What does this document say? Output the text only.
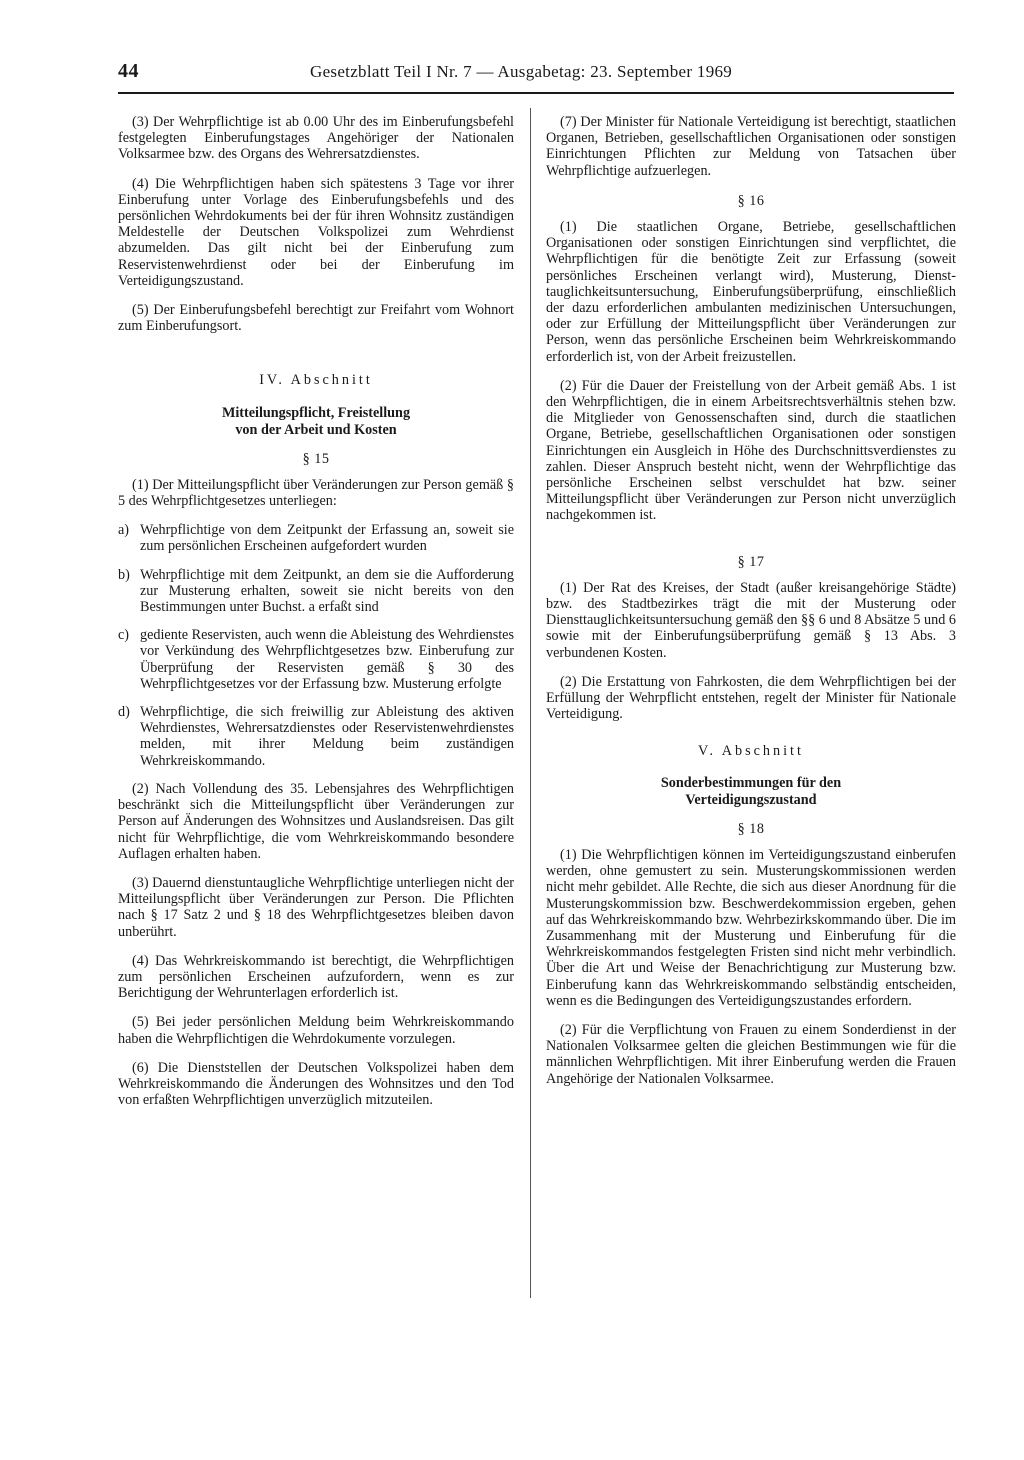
44	Gesetzblatt Teil I Nr. 7 — Ausgabetag: 23. September 1969

(3) Der Wehrpflichtige ist ab 0.00 Uhr des im Einberufungsbefehl festgelegten Einberufungstages Angehöriger der Nationalen Volksarmee bzw. des Organs des Wehrersatzdienstes.

(4) Die Wehrpflichtigen haben sich spätestens 3 Tage vor ihrer Einberufung unter Vorlage des Einberufungsbefehls und des persönlichen Wehrdokuments bei der für ihren Wohnsitz zuständigen Meldestelle der Deutschen Volkspolizei zum Wehrdienst abzumelden. Das gilt nicht bei der Einberufung zum Reservistenwehrdienst oder bei der Einberufung im Verteidigungszustand.

(5) Der Einberufungsbefehl berechtigt zur Freifahrt vom Wohnort zum Einberufungsort.

IV. Abschnitt
Mitteilungspflicht, Freistellung
von der Arbeit und Kosten
§ 15

(1) Der Mitteilungspflicht über Veränderungen zur Person gemäß § 5 des Wehrpflichtgesetzes unterliegen:

a) Wehrpflichtige von dem Zeitpunkt der Erfassung an, soweit sie zum persönlichen Erscheinen aufgefordert wurden
b) Wehrpflichtige mit dem Zeitpunkt, an dem sie die Aufforderung zur Musterung erhalten, soweit sie nicht bereits von den Bestimmungen unter Buchst. a erfaßt sind
c) gediente Reservisten, auch wenn die Ableistung des Wehrdienstes vor Verkündung des Wehrpflichtgesetzes bzw. Einberufung zur Überprüfung der Reservisten gemäß § 30 des Wehrpflichtgesetzes vor der Erfassung bzw. Musterung erfolgte
d) Wehrpflichtige, die sich freiwillig zur Ableistung des aktiven Wehrdienstes, Wehrersatzdienstes oder Reservistenwehrdienstes melden, mit ihrer Meldung beim zuständigen Wehrkreiskommando.

(2) Nach Vollendung des 35. Lebensjahres des Wehrpflichtigen beschränkt sich die Mitteilungspflicht über Veränderungen zur Person auf Änderungen des Wohnsitzes und Auslandsreisen. Das gilt nicht für Wehrpflichtige, die vom Wehrkreiskommando besondere Auflagen erhalten haben.

(3) Dauernd dienstuntaugliche Wehrpflichtige unterliegen nicht der Mitteilungspflicht über Veränderungen zur Person. Die Pflichten nach § 17 Satz 2 und § 18 des Wehrpflichtgesetzes bleiben davon unberührt.

(4) Das Wehrkreiskommando ist berechtigt, die Wehrpflichtigen zum persönlichen Erscheinen aufzufordern, wenn es zur Berichtigung der Wehrunterlagen erforderlich ist.

(5) Bei jeder persönlichen Meldung beim Wehrkreiskommando haben die Wehrpflichtigen die Wehrdokumente vorzulegen.

(6) Die Dienststellen der Deutschen Volkspolizei haben dem Wehrkreiskommando die Änderungen des Wohnsitzes und den Tod von erfaßten Wehrpflichtigen unverzüglich mitzuteilen.

(7) Der Minister für Nationale Verteidigung ist berechtigt, staatlichen Organen, Betrieben, gesellschaftlichen Organisationen oder sonstigen Einrichtungen Pflichten zur Meldung von Tatsachen über Wehrpflichtige aufzuerlegen.

§ 16

(1) Die staatlichen Organe, Betriebe, gesellschaftlichen Organisationen oder sonstigen Einrichtungen sind verpflichtet, die Wehrpflichtigen für die benötigte Zeit zur Erfassung (soweit persönliches Erscheinen verlangt wird), Musterung, Diensttauglichkeitsuntersuchung, Einberufungsüberprüfung, einschließlich der dazu erforderlichen ambulanten medizinischen Untersuchungen, oder zur Erfüllung der Mitteilungspflicht über Veränderungen zur Person, wenn das persönliche Erscheinen beim Wehrkreiskommando erforderlich ist, von der Arbeit freizustellen.

(2) Für die Dauer der Freistellung von der Arbeit gemäß Abs. 1 ist den Wehrpflichtigen, die in einem Arbeitsrechtsverhältnis stehen bzw. die Mitglieder von Genossenschaften sind, durch die staatlichen Organe, Betriebe, gesellschaftlichen Organisationen oder sonstigen Einrichtungen ein Ausgleich in Höhe des Durchschnittsverdienstes zu zahlen. Dieser Anspruch besteht nicht, wenn der Wehrpflichtige das persönliche Erscheinen selbst verschuldet hat bzw. seiner Mitteilungspflicht über Veränderungen zur Person nicht unverzüglich nachgekommen ist.

§ 17

(1) Der Rat des Kreises, der Stadt (außer kreisangehörige Städte) bzw. des Stadtbezirkes trägt die mit der Musterung oder Diensttauglichkeitsuntersuchung gemäß den §§ 6 und 8 Absätze 5 und 6 sowie mit der Einberufungsüberprüfung gemäß § 13 Abs. 3 verbundenen Kosten.

(2) Die Erstattung von Fahrkosten, die dem Wehrpflichtigen bei der Erfüllung der Wehrpflicht entstehen, regelt der Minister für Nationale Verteidigung.

V. Abschnitt
Sonderbestimmungen für den
Verteidigungszustand
§ 18

(1) Die Wehrpflichtigen können im Verteidigungszustand einberufen werden, ohne gemustert zu sein. Musterungskommissionen werden nicht mehr gebildet. Alle Rechte, die sich aus dieser Anordnung für die Musterungskommission bzw. Beschwerdekommission ergeben, gehen auf das Wehrkreiskommando bzw. Wehrbezirkskommando über. Die im Zusammenhang mit der Musterung und Einberufung für die Wehrkreiskommandos festgelegten Fristen sind nicht mehr verbindlich. Über die Art und Weise der Benachrichtigung zur Musterung bzw. Einberufung kann das Wehrkreiskommando selbständig entscheiden, wenn es die Bedingungen des Verteidigungszustandes erfordern.

(2) Für die Verpflichtung von Frauen zu einem Sonderdienst in der Nationalen Volksarmee gelten die gleichen Bestimmungen wie für die männlichen Wehrpflichtigen. Mit ihrer Einberufung werden die Frauen Angehörige der Nationalen Volksarmee.
